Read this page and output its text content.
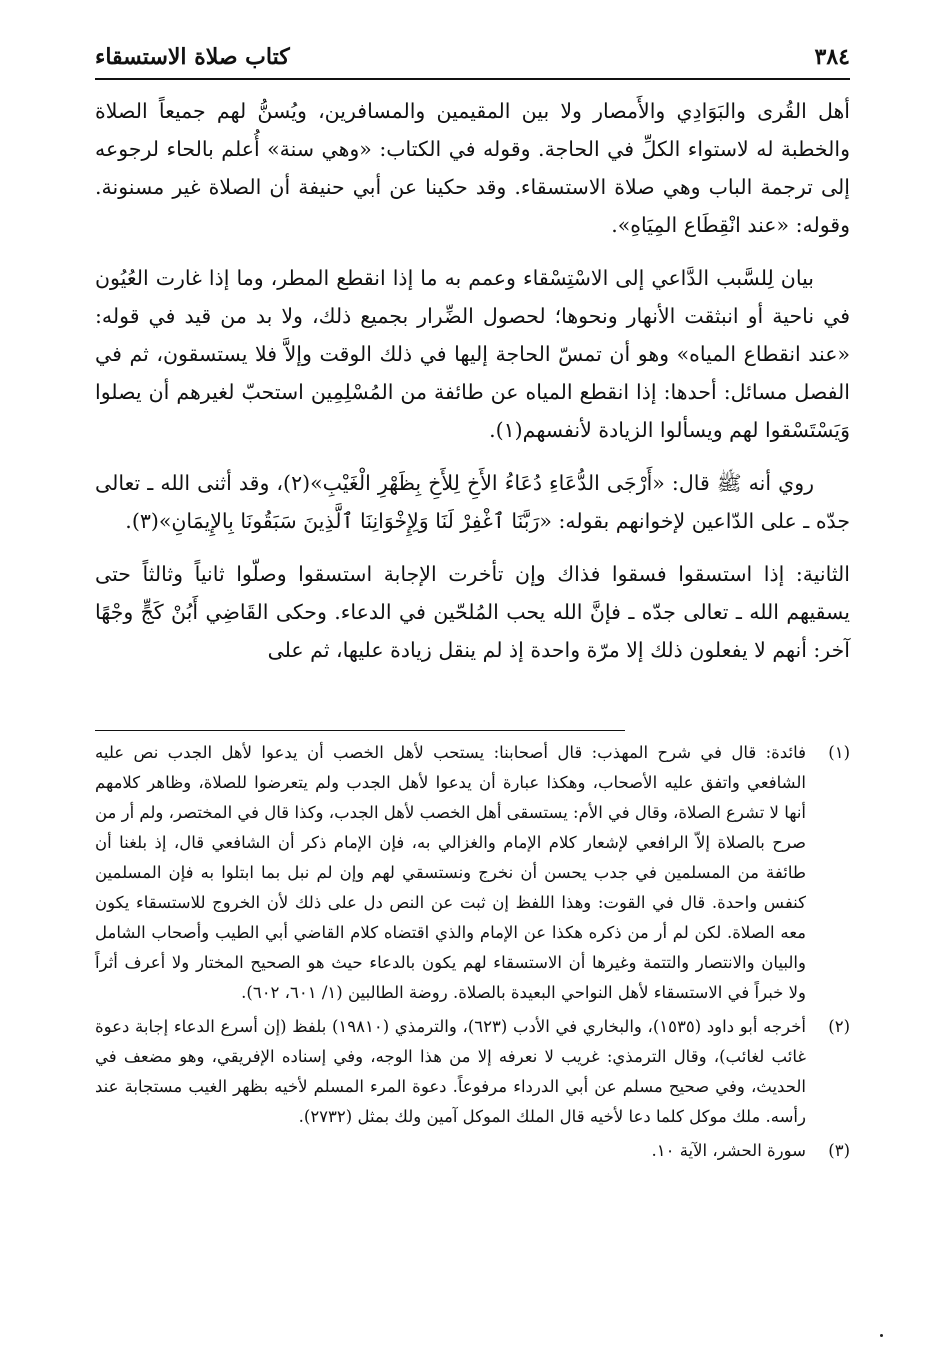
٣٨٤
كتاب صلاة الاستسقاء

أهل القُرى والبَوَادِي والأَمصار ولا بين المقيمين والمسافرين، ويُسنُّ لهم جميعاً الصلاة والخطبة له لاستواء الكلِّ في الحاجة. وقوله في الكتاب: «وهي سنة» أُعلم بالحاء لرجوعه إلى ترجمة الباب وهي صلاة الاستسقاء. وقد حكينا عن أبي حنيفة أن الصلاة غير مسنونة. وقوله: «عند انْقِطَاع المِيَاهِ».

بيان لِلسَّبب الدَّاعي إلى الاسْتِسْقاء وعمم به ما إذا انقطع المطر، وما إذا غارت العُيُون في ناحية أو انبثقت الأنهار ونحوها؛ لحصول الضِّرار بجميع ذلك، ولا بد من قيد في قوله: «عند انقطاع المياه» وهو أن تمسّ الحاجة إليها في ذلك الوقت وإلاَّ فلا يستسقون، ثم في الفصل مسائل: أحدها: إذا انقطع المياه عن طائفة من المُسْلِمِين استحبّ لغيرهم أن يصلوا وَيَسْتَسْقوا لهم ويسألوا الزيادة لأنفسهم(١).

روي أنه ﷺ قال: «أَرْجَى الدُّعَاءِ دُعَاءُ الأَخِ لِلأَخِ بِظَهْرِ الْغَيْبِ»(٢)، وقد أثنى الله ـ تعالى جدّه ـ على الدّاعين لإخوانهم بقوله: «رَبَّنَا ٱغْفِرْ لَنَا وَلِإِخْوَانِنَا ٱلَّذِينَ سَبَقُونَا بِالإِيمَانِ»(٣).

الثانية: إذا استسقوا فسقوا فذاك وإن تأخرت الإجابة استسقوا وصلّوا ثانياً وثالثاً حتى يسقيهم الله ـ تعالى جدّه ـ فإنَّ الله يحب المُلحّين في الدعاء. وحكى القَاضِي أَبُنْ كَجٍّ وجْهًا آخر: أنهم لا يفعلون ذلك إلا مرّة واحدة إذ لم ينقل زيادة عليها، ثم على

(١)
فائدة: قال في شرح المهذب: قال أصحابنا: يستحب لأهل الخصب أن يدعوا لأهل الجدب نص عليه الشافعي واتفق عليه الأصحاب، وهكذا عبارة أن يدعوا لأهل الجدب ولم يتعرضوا للصلاة، وظاهر كلامهم أنها لا تشرع الصلاة، وقال في الأم: يستسقى أهل الخصب لأهل الجدب، وكذا قال في المختصر، ولم أر من صرح بالصلاة إلاّ الرافعي لإشعار كلام الإمام والغزالي به، فإن الإمام ذكر أن الشافعي قال، إذ بلغنا أن طائفة من المسلمين في جدب يحسن أن نخرج ونستسقي لهم وإن لم نبل بما ابتلوا به فإن المسلمين كنفس واحدة. قال في القوت: وهذا اللفظ إن ثبت عن النص دل على ذلك لأن الخروج للاستسقاء يكون معه الصلاة. لكن لم أر من ذكره هكذا عن الإمام والذي اقتضاه كلام القاضي أبي الطيب وأصحاب الشامل والبيان والانتصار والتتمة وغيرها أن الاستسقاء لهم يكون بالدعاء حيث هو الصحيح المختار ولا أعرف أثراً ولا خبراً في الاستسقاء لأهل النواحي البعيدة بالصلاة. روضة الطالبين (١/ ٦٠١، ٦٠٢).
(٢)
أخرجه أبو داود (١٥٣٥)، والبخاري في الأدب (٦٢٣)، والترمذي (١٩٨١٠) بلفظ (إن أسرع الدعاء إجابة دعوة غائب لغائب)، وقال الترمذي: غريب لا نعرفه إلا من هذا الوجه، وفي إسناده الإفريقي، وهو مضعف في الحديث، وفي صحيح مسلم عن أبي الدرداء مرفوعاً. دعوة المرء المسلم لأخيه بظهر الغيب مستجابة عند رأسه. ملك موكل كلما دعا لأخيه قال الملك الموكل آمين ولك بمثل (٢٧٣٢).
(٣)
سورة الحشر، الآية ١٠.
